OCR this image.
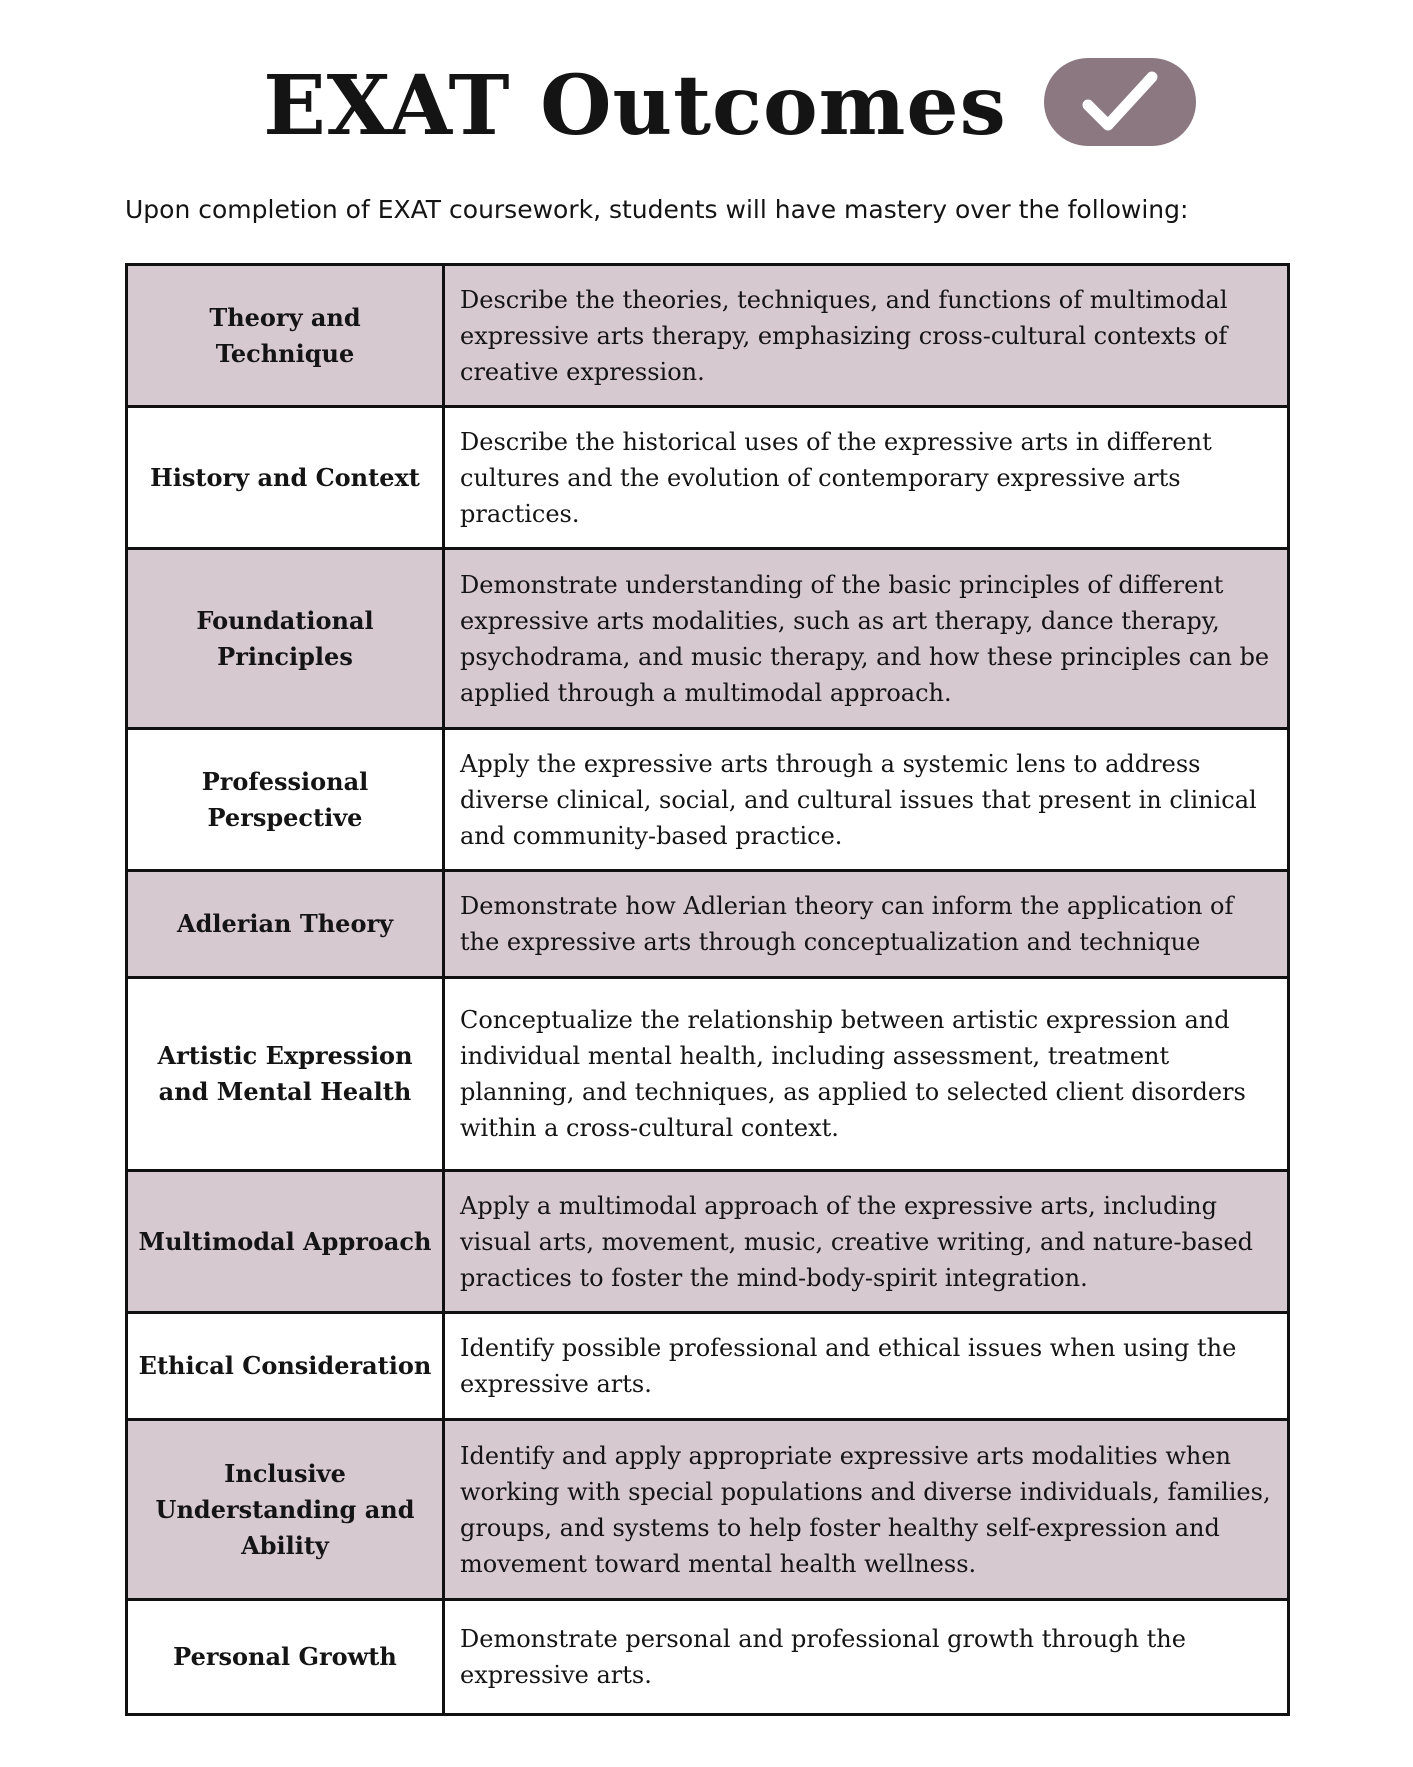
EXAT Outcomes
Upon completion of EXAT coursework, students will have mastery over the following:
Theory and Technique	Describe the theories, techniques, and functions of multimodal expressive arts therapy, emphasizing cross-cultural contexts of creative expression.
History and Context	Describe the historical uses of the expressive arts in different cultures and the evolution of contemporary expressive arts practices.
Foundational Principles	Demonstrate understanding of the basic principles of different expressive arts modalities, such as art therapy, dance therapy, psychodrama, and music therapy, and how these principles can be applied through a multimodal approach.
Professional Perspective	Apply the expressive arts through a systemic lens to address diverse clinical, social, and cultural issues that present in clinical and community-based practice.
Adlerian Theory	Demonstrate how Adlerian theory can inform the application of the expressive arts through conceptualization and technique
Artistic Expression and Mental Health	Conceptualize the relationship between artistic expression and individual mental health, including assessment, treatment planning, and techniques, as applied to selected client disorders within a cross-cultural context.
Multimodal Approach	Apply a multimodal approach of the expressive arts, including visual arts, movement, music, creative writing, and nature-based practices to foster the mind-body-spirit integration.
Ethical Consideration	Identify possible professional and ethical issues when using the expressive arts.
Inclusive Understanding and Ability	Identify and apply appropriate expressive arts modalities when working with special populations and diverse individuals, families, groups, and systems to help foster healthy self-expression and movement toward mental health wellness.
Personal Growth	Demonstrate personal and professional growth through the expressive arts.
